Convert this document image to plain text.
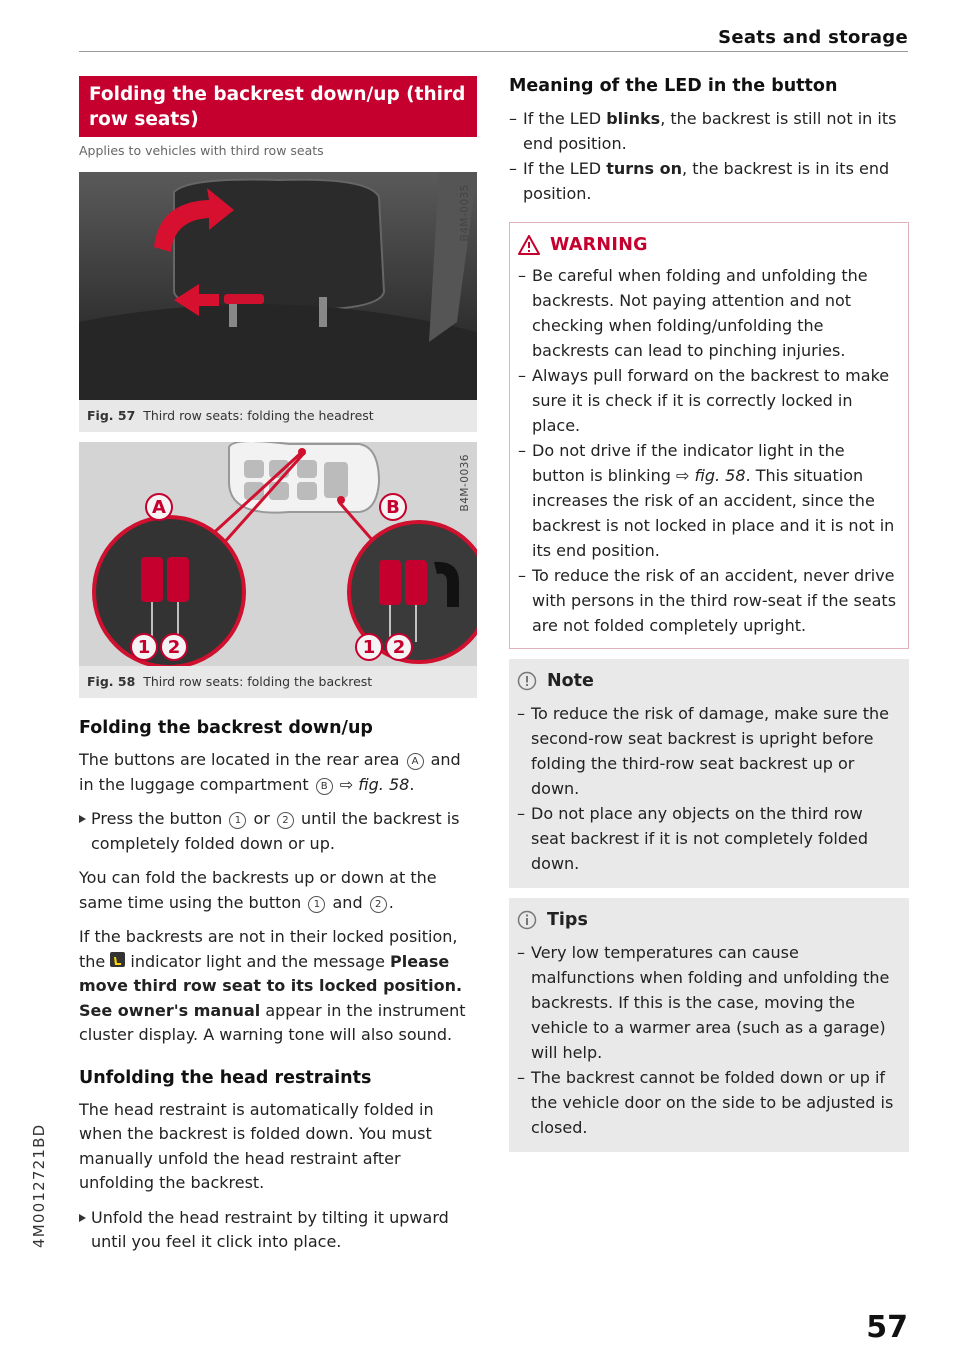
Seats and storage
4M0012721BD
Folding the backrest down/up (third row seats)
Applies to vehicles with third row seats
B4M-0035
Fig. 57 Third row seats: folding the headrest
A	B
1 2	1 2
B4M-0036
Fig. 58 Third row seats: folding the backrest
Folding the backrest down/up

The buttons are located in the rear area A and in the luggage compartment B ⇨ fig. 58.

Press the button 1 or 2 until the backrest is completely folded down or up.

You can fold the backrests up or down at the same time using the button 1 and 2 .

If the backrests are not in their locked position, the  indicator light and the message Please move third row seat to its locked position. See owner's manual appear in the instrument cluster display. A warning tone will also sound.

Unfolding the head restraints

The head restraint is automatically folded in when the backrest is folded down. You must manually unfold the head restraint after unfolding the backrest.

Unfold the head restraint by tilting it upward until you feel it click into place.
Meaning of the LED in the button
– If the LED blinks, the backrest is still not in its end position.
– If the LED turns on, the backrest is in its end position.
WARNING
– Be careful when folding and unfolding the backrests. Not paying attention and not checking when folding/unfolding the backrests can lead to pinching injuries.
– Always pull forward on the backrest to make sure it is check if it is correctly locked in place.
– Do not drive if the indicator light in the button is blinking ⇨ fig. 58. This situation increases the risk of an accident, since the backrest is not locked in place and it is not in its end position.
– To reduce the risk of an accident, never drive with persons in the third row-seat if the seats are not folded completely upright.
Note
– To reduce the risk of damage, make sure the second-row seat backrest is upright before folding the third-row seat backrest up or down.
– Do not place any objects on the third row seat backrest if it is not completely folded down.
Tips
– Very low temperatures can cause malfunctions when folding and unfolding the backrests. If this is the case, moving the vehicle to a warmer area (such as a garage) will help.
– The backrest cannot be folded down or up if the vehicle door on the side to be adjusted is closed.
57
